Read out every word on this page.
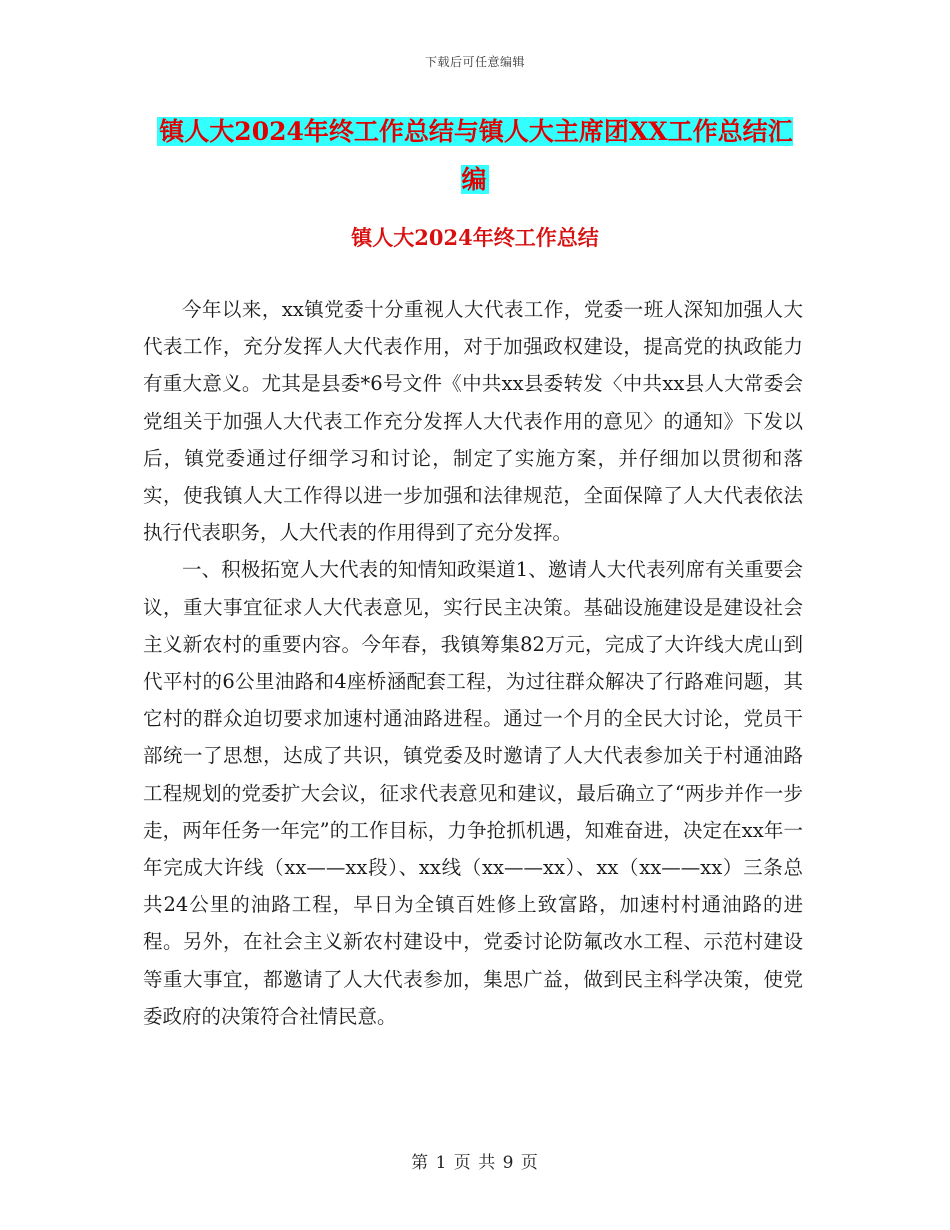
下载后可任意编辑
镇人大2024年终工作总结与镇人大主席团XX工作总结汇编
镇人大2024年终工作总结

今年以来，xx镇党委十分重视人大代表工作，党委一班人深知加强人大代表工作，充分发挥人大代表作用，对于加强政权建设，提高党的执政能力有重大意义。尤其是县委*6号文件《中共xx县委转发〈中共xx县人大常委会党组关于加强人大代表工作充分发挥人大代表作用的意见〉的通知》下发以后，镇党委通过仔细学习和讨论，制定了实施方案，并仔细加以贯彻和落实，使我镇人大工作得以进一步加强和法律规范，全面保障了人大代表依法执行代表职务，人大代表的作用得到了充分发挥。

一、积极拓宽人大代表的知情知政渠道1、邀请人大代表列席有关重要会议，重大事宜征求人大代表意见，实行民主决策。基础设施建设是建设社会主义新农村的重要内容。今年春，我镇筹集82万元，完成了大许线大虎山到代平村的6公里油路和4座桥涵配套工程，为过往群众解决了行路难问题，其它村的群众迫切要求加速村通油路进程。通过一个月的全民大讨论，党员干部统一了思想，达成了共识，镇党委及时邀请了人大代表参加关于村通油路工程规划的党委扩大会议，征求代表意见和建议，最后确立了“两步并作一步走，两年任务一年完”的工作目标，力争抢抓机遇，知难奋进，决定在xx年一年完成大许线（xx——xx段）、xx线（xx——xx）、xx（xx——xx）三条总共24公里的油路工程，早日为全镇百姓修上致富路，加速村村通油路的进程。另外，在社会主义新农村建设中，党委讨论防氟改水工程、示范村建设等重大事宜，都邀请了人大代表参加，集思广益，做到民主科学决策，使党委政府的决策符合社情民意。

第 1 页 共 9 页
